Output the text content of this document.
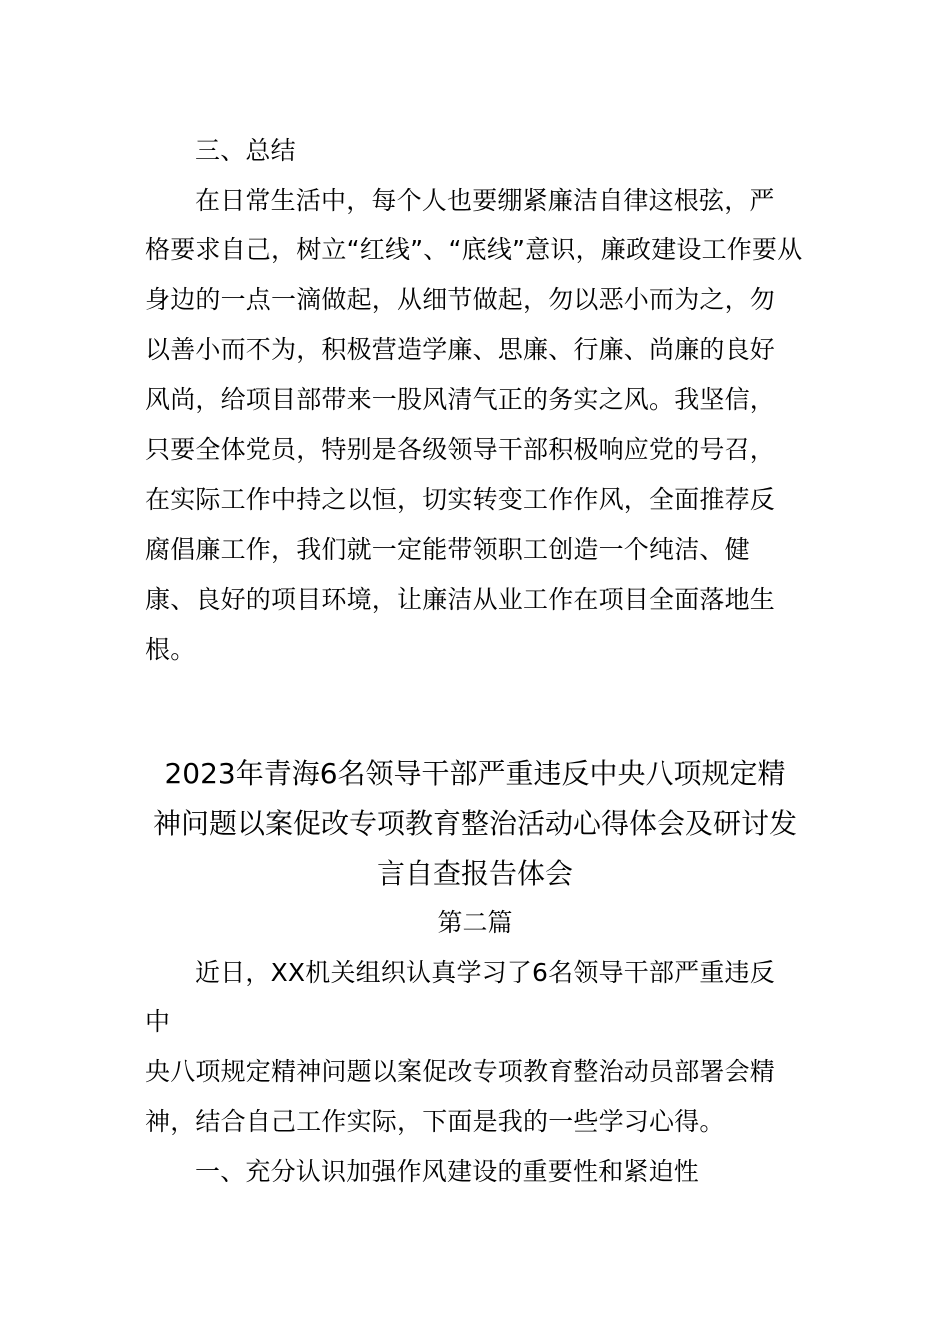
三、总结
在日常生活中，每个人也要绷紧廉洁自律这根弦，严
格要求自己，树立“红线”、“底线”意识，廉政建设工作要从
身边的一点一滴做起，从细节做起，勿以恶小而为之，勿
以善小而不为，积极营造学廉、思廉、行廉、尚廉的良好
风尚，给项目部带来一股风清气正的务实之风。我坚信，
只要全体党员，特别是各级领导干部积极响应党的号召，
在实际工作中持之以恒，切实转变工作作风，全面推荐反
腐倡廉工作，我们就一定能带领职工创造一个纯洁、健
康、良好的项目环境，让廉洁从业工作在项目全面落地生
根。
2023年青海6名领导干部严重违反中央八项规定精
神问题以案促改专项教育整治活动心得体会及研讨发
言自查报告体会
第二篇
近日，XX机关组织认真学习了6名领导干部严重违反
中
央八项规定精神问题以案促改专项教育整治动员部署会精
神，结合自己工作实际，下面是我的一些学习心得。
一、充分认识加强作风建设的重要性和紧迫性
